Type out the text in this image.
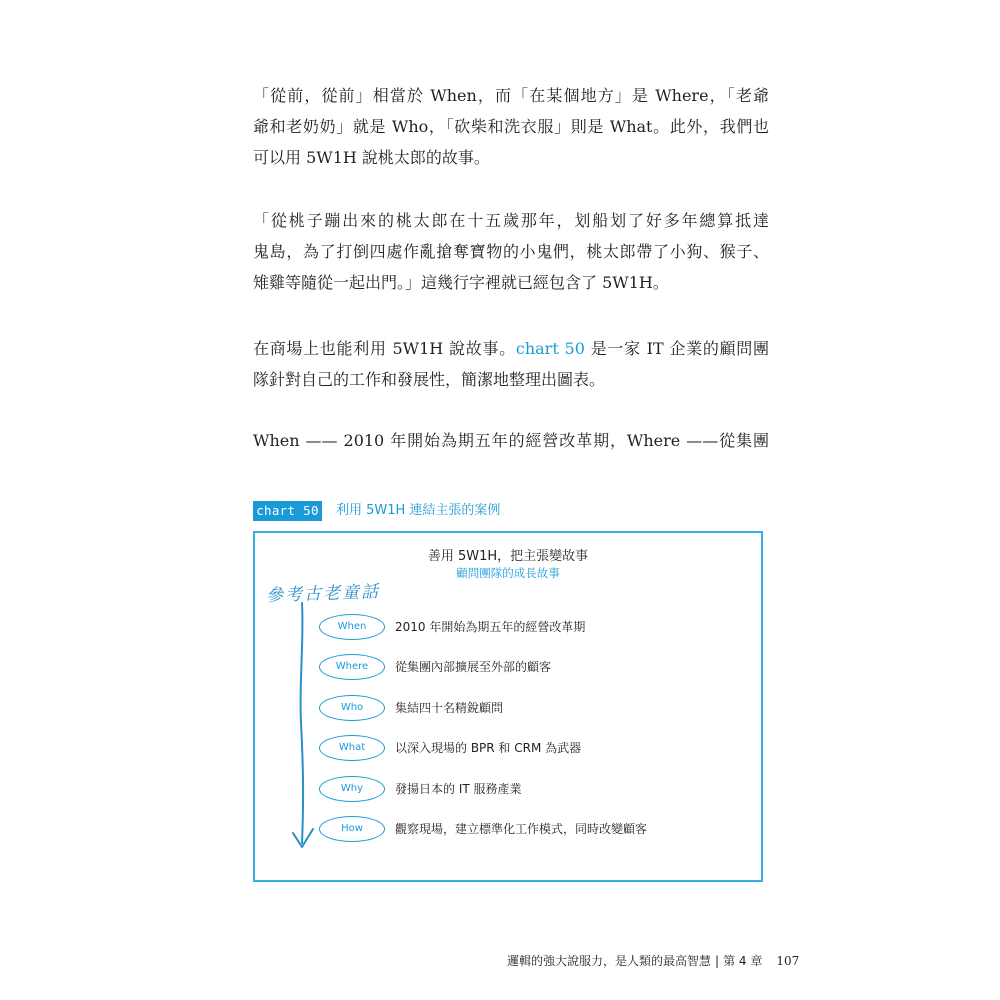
「從前，從前」相當於 When，而「在某個地方」是 Where，「老爺
爺和老奶奶」就是 Who，「砍柴和洗衣服」則是 What。此外，我們也
可以用 5W1H 說桃太郎的故事。
「從桃子蹦出來的桃太郎在十五歲那年，划船划了好多年總算抵達
鬼島，為了打倒四處作亂搶奪寶物的小鬼們，桃太郎帶了小狗、猴子、
雉雞等隨從一起出門。」這幾行字裡就已經包含了 5W1H。
在商場上也能利用 5W1H 說故事。chart 50 是一家 IT 企業的顧問團
隊針對自己的工作和發展性，簡潔地整理出圖表。
When —— 2010 年開始為期五年的經營改革期，Where ——從集團
chart 50 利用 5W1H 連結主張的案例
善用 5W1H，把主張變故事
顧問團隊的成長故事
參考古老童話
When	2010 年開始為期五年的經營改革期
Where	從集團內部擴展至外部的顧客
Who	集結四十名精銳顧問
What	以深入現場的 BPR 和 CRM 為武器
Why	發揚日本的 IT 服務產業
How	觀察現場，建立標準化工作模式，同時改變顧客
邏輯的強大說服力，是人類的最高智慧 | 第 4 章 107
